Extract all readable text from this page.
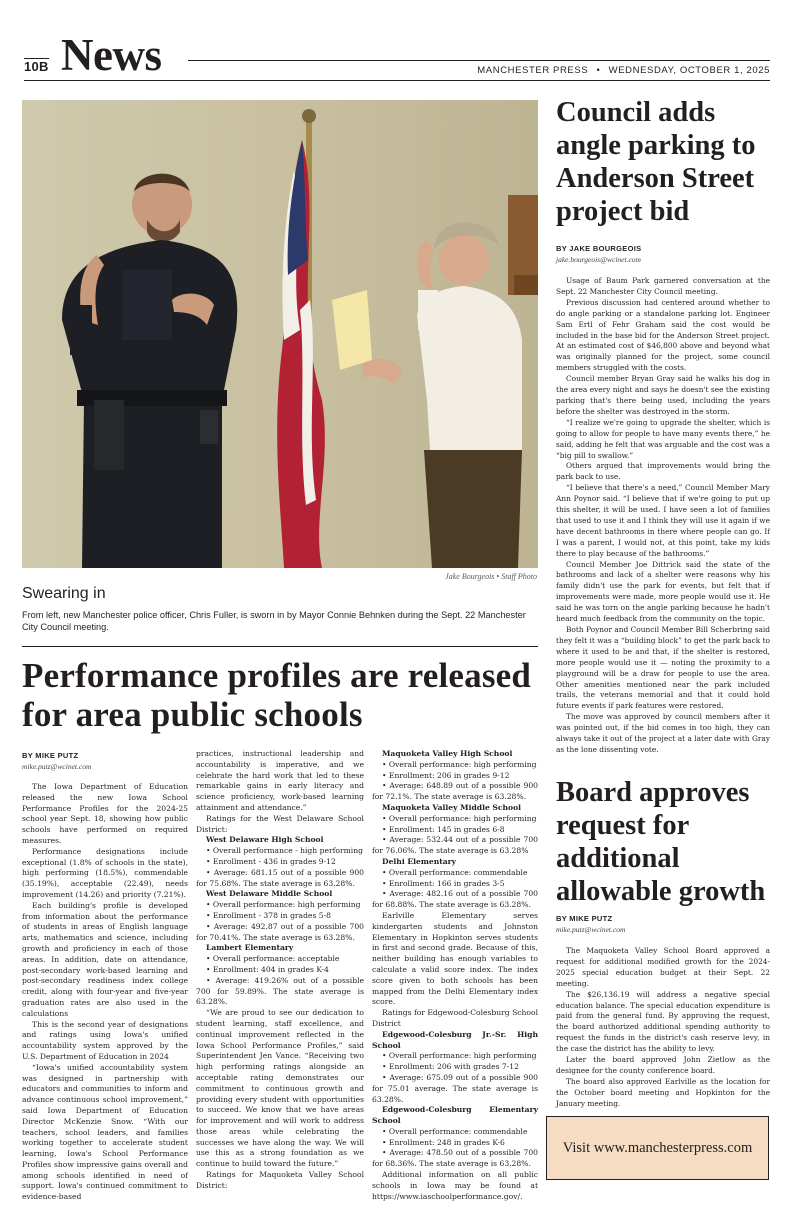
10B News	MANCHESTER PRESS • WEDNESDAY, OCTOBER 1, 2025
Jake Bourgeois • Staff Photo
Swearing in
From left, new Manchester police officer, Chris Fuller, is sworn in by Mayor Connie Behnken during the Sept. 22 Manchester City Council meeting.
Performance profiles are released for area public schools
BY MIKE PUTZ
mike.putz@wcinet.com

The Iowa Department of Education released the new Iowa School Performance Profiles for the 2024-25 school year Sept. 18, showing how public schools have performed on required measures.

Performance designations include exceptional (1.8% of schools in the state), high performing (18.5%), commendable (35.19%), acceptable (22.49), needs improvement (14.26) and priority (7.21%).

Each building's profile is developed from information about the performance of students in areas of English language arts, mathematics and science, including growth and proficiency in each of those areas. In addition, date on attendance, post-secondary work-based learning and post-secondary readiness index college credit, along with four-year and five-year graduation rates are also used in the calculations

This is the second year of designations and ratings using Iowa's unified accountability system approved by the U.S. Department of Education in 2024

“Iowa's unified accountability system was designed in partnership with educators and communities to inform and advance continuous school improvement,” said Iowa Department of Education Director McKenzie Snow. “With our teachers, school leaders, and families working together to accelerate student learning, Iowa's School Performance Profiles show impressive gains overall and among schools identified in need of support. Iowa's continued commitment to evidence-based

practices, instructional leadership and accountability is imperative, and we celebrate the hard work that led to these remarkable gains in early literacy and science proficiency, work-based learning attainment and attendance.”

Ratings for the West Delaware School District:

West Delaware High School
• Overall performance - high performing
• Enrollment - 436 in grades 9-12
• Average: 681.15 out of a possible 900 for 75.68%. The state average is 63.28%.
West Delaware Middle School
• Overall performance: high performing
• Enrollment - 378 in grades 5-8
• Average: 492.87 out of a possible 700 for 70.41%. The state average is 63.28%.
Lambert Elementary
• Overall performance: acceptable
• Enrollment: 404 in grades K-4
• Average: 419.26% out of a possible 700 for 59.89%. The state average is 63.28%.

“We are proud to see our dedication to student learning, staff excellence, and continual improvement reflected in the Iowa School Performance Profiles,” said Superintendent Jen Vance. “Receiving two high performing ratings alongside an acceptable rating demonstrates our commitment to continuous growth and providing every student with opportunities to succeed. We know that we have areas for improvement and will work to address those areas while celebrating the successes we have along the way. We will use this as a strong foundation as we continue to build toward the future.”

Ratings for Maquoketa Valley School District:

Maquoketa Valley High School
• Overall performance: high performing
• Enrollment: 206 in grades 9-12
• Average: 648.89 out of a possible 900 for 72.1%. The state average is 63.28%.
Maquoketa Valley Middle School
• Overall performance: high performing
• Enrollment: 145 in grades 6-8
• Average: 532.44 out of a possible 700 for 76.06%. The state average is 63.28%
Delhi Elementary
• Overall performance: commendable
• Enrollment: 166 in grades 3-5
• Average: 482.16 out of a possible 700 for 68.88%. The state average is 63.28%.

Earlville Elementary serves kindergarten students and Johnston Elementary in Hopkinton serves students in first and second grade. Because of this, neither building has enough variables to calculate a valid score index. The index score given to both schools has been mapped from the Delhi Elementary index score.

Ratings for Edgewood-Colesburg School District

Edgewood-Colesburg Jr.-Sr. High School
• Overall performance: high performing
• Enrollment: 206 with grades 7-12
• Average: 675.09 out of a possible 900 for 75.01 average. The state average is 63.28%.
Edgewood-Colesburg Elementary School
• Overall performance: commendable
• Enrollment: 248 in grades K-6
• Average: 478.50 out of a possible 700 for 68.36%. The state average is 63.28%.

Additional information on all public schools in Iowa may be found at https://www.iaschoolperformance.gov/.

Council adds angle parking to Anderson Street project bid
BY JAKE BOURGEOIS
jake.bourgeois@wcinet.com

Usage of Baum Park garnered conversation at the Sept. 22 Manchester City Council meeting.

Previous discussion had centered around whether to do angle parking or a standalone parking lot. Engineer Sam Ertl of Fehr Graham said the cost would be included in the base bid for the Anderson Street project. At an estimated cost of $46,800 above and beyond what was originally planned for the project, some council members struggled with the costs.

Council member Bryan Gray said he walks his dog in the area every night and says he doesn't see the existing parking that's there being used, including the years before the shelter was destroyed in the storm.

“I realize we're going to upgrade the shelter, which is going to allow for people to have many events there,” he said, adding he felt that was arguable and the cost was a “big pill to swallow.”

Others argued that improvements would bring the park back to use.

“I believe that there's a need,” Council Member Mary Ann Poynor said. “I believe that if we're going to put up this shelter, it will be used. I have seen a lot of families that used to use it and I think they will use it again if we have decent bathrooms in there where people can go. If I was a parent, I would not, at this point, take my kids there to play because of the bathrooms.”

Council Member Joe Dittrick said the state of the bathrooms and lack of a shelter were reasons why his family didn't use the park for events, but felt that if improvements were made, more people would use it. He said he was torn on the angle parking because he hadn't heard much feedback from the community on the topic.

Both Poynor and Council Member Bill Scherbring said they felt it was a “building block” to get the park back to where it used to be and that, if the shelter is restored, more people would use it — noting the proximity to a playground will be a draw for people to use the area. Other amenities mentioned near the park included trails, the veterans memorial and that it could hold future events if park features were restored.

The move was approved by council members after it was pointed out, if the bid comes in too high, they can always take it out of the project at a later date with Gray as the lone dissenting vote.

Board approves request for additional allowable growth
BY MIKE PUTZ
mike.putz@wcinet.com

The Maquoketa Valley School Board approved a request for additional modified growth for the 2024-2025 special education budget at their Sept. 22 meeting.

The $26,136.19 will address a negative special education balance. The special education expenditure is paid from the general fund. By approving the request, the board authorized additional spending authority to request the funds in the district's cash reserve levy, in the case the district has the ability to levy.

Later the board approved John Zietlow as the designee for the county conference board.

The board also approved Earlville as the location for the October board meeting and Hopkinton for the January meeting.

Visit www.manchesterpress.com
